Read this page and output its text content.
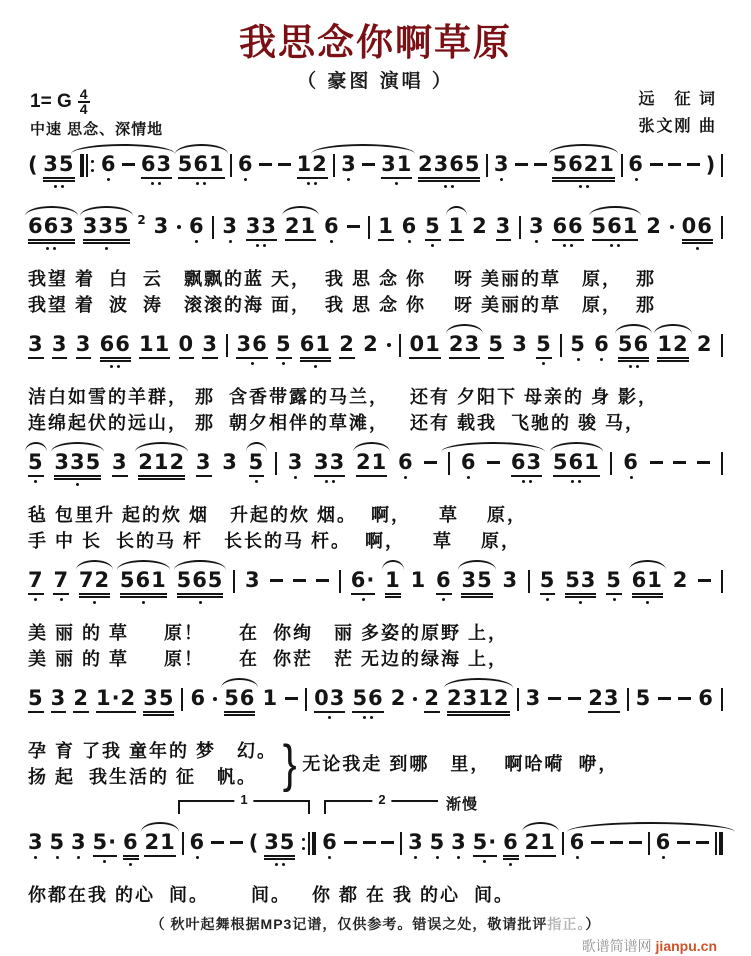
我思念你啊草原
（ 豪图 演唱 ）
1= G $\frac{4}{4}$
中速 思念、深情地
远　征 词
张文刚 曲
( 35 6 63 561 6 12 3 31 2365 3 5621 6	)
663 335 2 3 6 3 33 21 6 1 6 5 1 2 3 3 66 561 2 06
我望 着  白  云   飘飘的蓝 天，  我 思 念 你    呀 美丽的草   原，  那
我望 着  波  涛   滚滚的海 面，  我 思 念 你    呀 美丽的草   原，  那
3 3 3 66 11 0 3 36 5 61 2 2 01 23 5 3 5 5 6 56 12 2
洁白如雪的羊群， 那  含香带露的马兰，   还有 夕阳下 母亲的 身 影，
连绵起伏的远山， 那  朝夕相伴的草滩，   还有 载我  飞驰的 骏 马，
5 335 3 212 3 3 5 3 33 21 6 6 63 561 6
毡 包里升 起的炊 烟   升起的炊 烟。  啊，    草    原，
手 中 长  长的马 杆   长长的马 杆。  啊，    草    原，
7 7 72 561 565 3	6· 1 1 6 35 3 5 53 5 61 2
美 丽 的 草     原！     在  你绚   丽 多姿的原野 上，
美 丽 的 草     原！     在  你茫   茫 无边的绿海 上，
5 3 2 1·2 35 6 56 1 03 56 2 2 2312 3 23 5 6
孕 育 了我 童年的 梦   幻。
扬 起  我生活的 征   帆。 } 无论我走 到哪   里，  啊哈嗬  咿，
1	2	渐慢
3 5 3 5· 6 21 6 ( 35 6	3 5 3 5· 6 21 6	6
你都在我 的心  间。      间。   你 都 在 我 的心  间。
（ 秋叶起舞根据MP3记谱，仅供参考。错误之处，敬请批评指正。）
歌谱简谱网 jianpu.cn
